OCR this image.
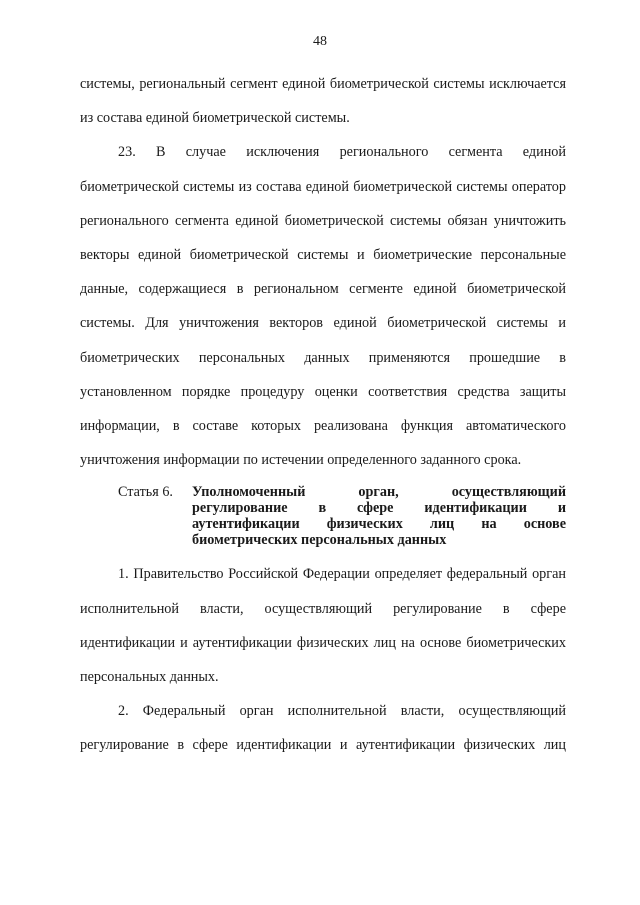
48

системы, региональный сегмент единой биометрической системы исключается из состава единой биометрической системы.

23. В случае исключения регионального сегмента единой биометрической системы из состава единой биометрической системы оператор регионального сегмента единой биометрической системы обязан уничтожить векторы единой биометрической системы и биометрические персональные данные, содержащиеся в региональном сегменте единой биометрической системы. Для уничтожения векторов единой биометрической системы и биометрических персональных данных применяются прошедшие в установленном порядке процедуру оценки соответствия средства защиты информации, в составе которых реализована функция автоматического уничтожения информации по истечении определенного заданного срока.

Статья 6.	Уполномоченный орган, осуществляющий регулирование в сфере идентификации и аутентификации физических лиц на основе биометрических персональных данных

1. Правительство Российской Федерации определяет федеральный орган исполнительной власти, осуществляющий регулирование в сфере идентификации и аутентификации физических лиц на основе биометрических персональных данных.

2. Федеральный орган исполнительной власти, осуществляющий регулирование в сфере идентификации и аутентификации физических лиц
